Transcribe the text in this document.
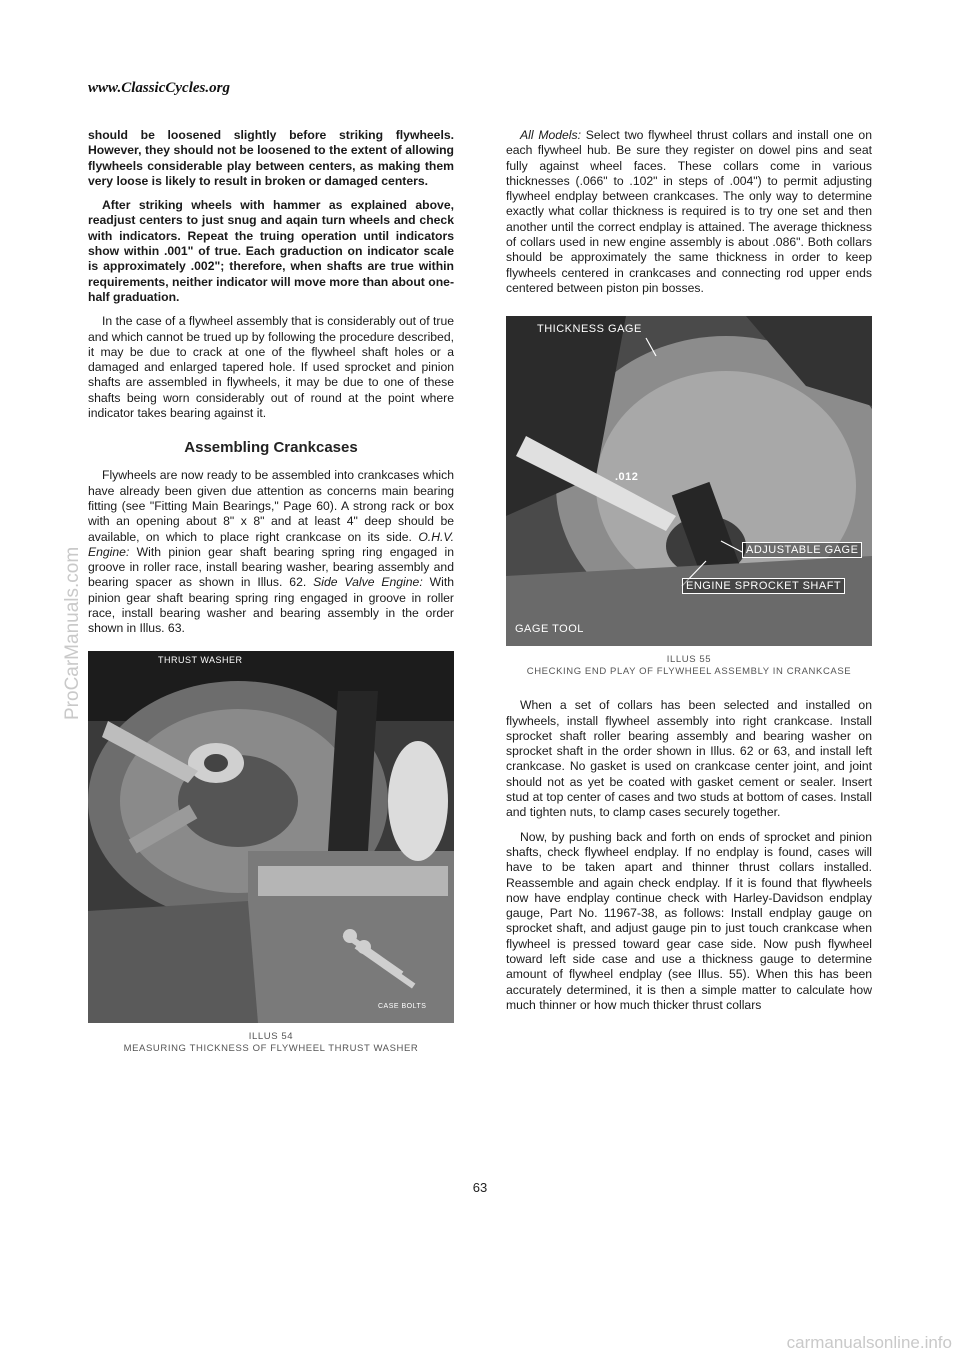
www.ClassicCycles.org

should be loosened slightly before striking flywheels. However, they should not be loosened to the extent of allowing flywheels considerable play between centers, as making them very loose is likely to result in broken or damaged centers.

After striking wheels with hammer as explained above, readjust centers to just snug and aqain turn wheels and check with indicators. Repeat the truing operation until indicators show within .001" of true. Each graduction on indicator scale is approximately .002"; therefore, when shafts are true within requirements, neither indicator will move more than about one-half graduation.

In the case of a flywheel assembly that is considerably out of true and which cannot be trued up by following the procedure described, it may be due to crack at one of the flywheel shaft holes or a damaged and enlarged tapered hole. If used sprocket and pinion shafts are assembled in flywheels, it may be due to one of these shafts being worn considerably out of round at the point where indicator takes bearing against it.

Assembling Crankcases

Flywheels are now ready to be assembled into crankcases which have already been given due attention as concerns main bearing fitting (see "Fitting Main Bearings," Page 60). A strong rack or box with an opening about 8" x 8" and at least 4" deep should be available, on which to place right crankcase on its side. O.H.V. Engine: With pinion gear shaft bearing spring ring engaged in groove in roller race, install bearing washer, bearing assembly and bearing spacer as shown in Illus. 62. Side Valve Engine: With pinion gear shaft bearing spring ring engaged in groove in roller race, install bearing washer and bearing assembly in the order shown in Illus. 63.

THRUST WASHER
CASE BOLTS
ILLUS 54
MEASURING THICKNESS OF FLYWHEEL THRUST WASHER

All Models: Select two flywheel thrust collars and install one on each flywheel hub. Be sure they register on dowel pins and seat fully against wheel faces. These collars come in various thicknesses (.066" to .102" in steps of .004") to permit adjusting flywheel endplay between crankcases. The only way to determine exactly what collar thickness is required is to try one set and then another until the correct endplay is attained. The average thickness of collars used in new engine assembly is about .086". Both collars should be approximately the same thickness in order to keep flywheels centered in crankcases and connecting rod upper ends centered between piston pin bosses.

THICKNESS GAGE
.012
ADJUSTABLE GAGE
ENGINE SPROCKET SHAFT
GAGE TOOL
ILLUS 55
CHECKING END PLAY OF FLYWHEEL ASSEMBLY IN CRANKCASE

When a set of collars has been selected and installed on flywheels, install flywheel assembly into right crankcase. Install sprocket shaft roller bearing assembly and bearing washer on sprocket shaft in the order shown in Illus. 62 or 63, and install left crankcase. No gasket is used on crankcase center joint, and joint should not as yet be coated with gasket cement or sealer. Insert stud at top center of cases and two studs at bottom of cases. Install and tighten nuts, to clamp cases securely together.

Now, by pushing back and forth on ends of sprocket and pinion shafts, check flywheel endplay. If no endplay is found, cases will have to be taken apart and thinner thrust collars installed. Reassemble and again check endplay. If it is found that flywheels now have endplay continue check with Harley-Davidson endplay gauge, Part No. 11967-38, as follows: Install endplay gauge on sprocket shaft, and adjust gauge pin to just touch crankcase when flywheel is pressed toward gear case side. Now push flywheel toward left side case and use a thickness gauge to determine amount of flywheel endplay (see Illus. 55). When this has been accurately determined, it is then a simple matter to calculate how much thinner or how much thicker thrust collars

63
ProCarManuals.com
carmanualsonline.info
